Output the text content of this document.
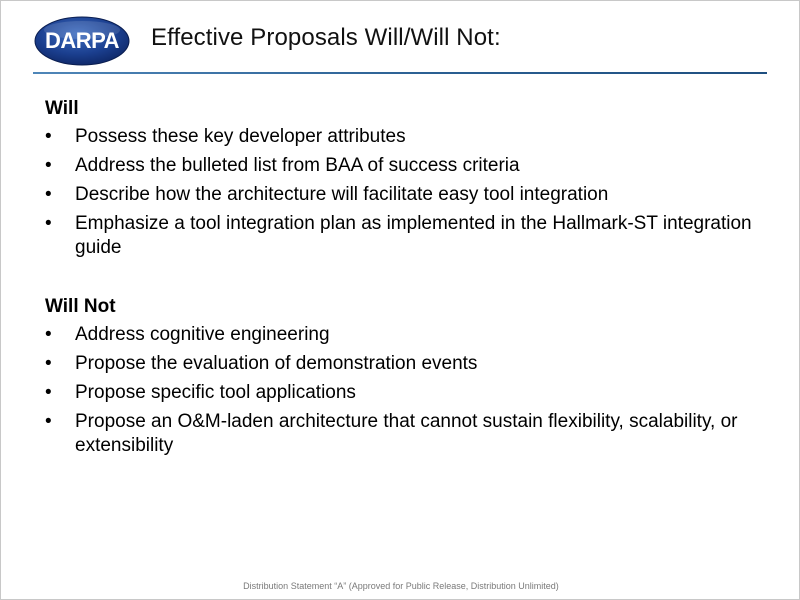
DARPA Effective Proposals Will/Will Not:
Will
• Possess these key developer attributes
• Address the bulleted list from BAA of success criteria
• Describe how the architecture will facilitate easy tool integration
• Emphasize a tool integration plan as implemented in the Hallmark-ST integration guide
Will Not
• Address cognitive engineering
• Propose the evaluation of demonstration events
• Propose specific tool applications
• Propose an O&M-laden architecture that cannot sustain flexibility, scalability, or extensibility
Distribution Statement “A” (Approved for Public Release, Distribution Unlimited)
